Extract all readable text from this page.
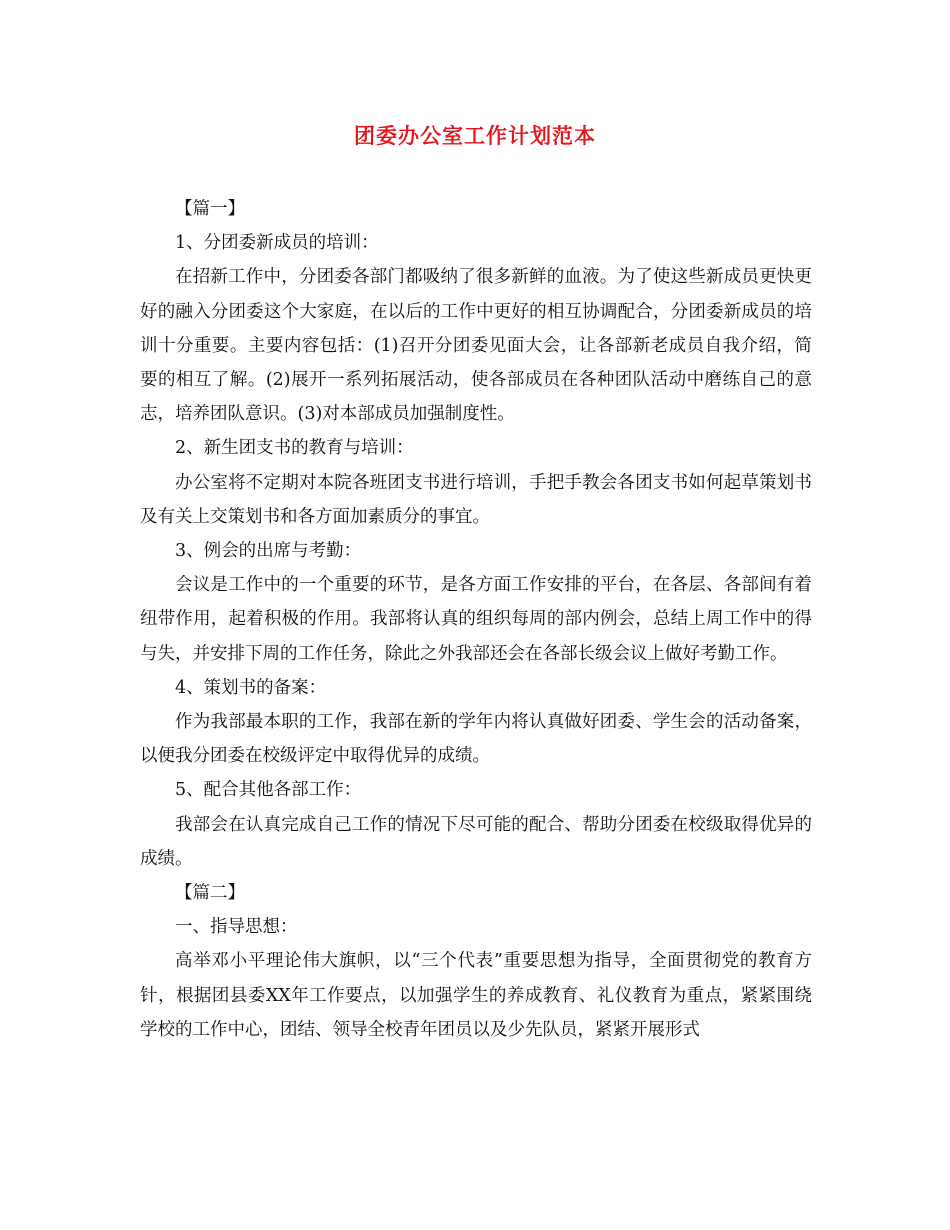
团委办公室工作计划范本

【篇一】

1、分团委新成员的培训：

在招新工作中，分团委各部门都吸纳了很多新鲜的血液。为了使这些新成员更快更好的融入分团委这个大家庭，在以后的工作中更好的相互协调配合，分团委新成员的培训十分重要。主要内容包括：(1)召开分团委见面大会，让各部新老成员自我介绍，简要的相互了解。(2)展开一系列拓展活动，使各部成员在各种团队活动中磨练自己的意志，培养团队意识。(3)对本部成员加强制度性。

2、新生团支书的教育与培训：

办公室将不定期对本院各班团支书进行培训，手把手教会各团支书如何起草策划书及有关上交策划书和各方面加素质分的事宜。

3、例会的出席与考勤：

会议是工作中的一个重要的环节，是各方面工作安排的平台，在各层、各部间有着纽带作用，起着积极的作用。我部将认真的组织每周的部内例会，总结上周工作中的得与失，并安排下周的工作任务，除此之外我部还会在各部长级会议上做好考勤工作。

4、策划书的备案：

作为我部最本职的工作，我部在新的学年内将认真做好团委、学生会的活动备案，以便我分团委在校级评定中取得优异的成绩。

5、配合其他各部工作：

我部会在认真完成自己工作的情况下尽可能的配合、帮助分团委在校级取得优异的成绩。

【篇二】

一、指导思想：

高举邓小平理论伟大旗帜，以“三个代表”重要思想为指导，全面贯彻党的教育方针，根据团县委XX年工作要点，以加强学生的养成教育、礼仪教育为重点，紧紧围绕学校的工作中心，团结、领导全校青年团员以及少先队员，紧紧开展形式
